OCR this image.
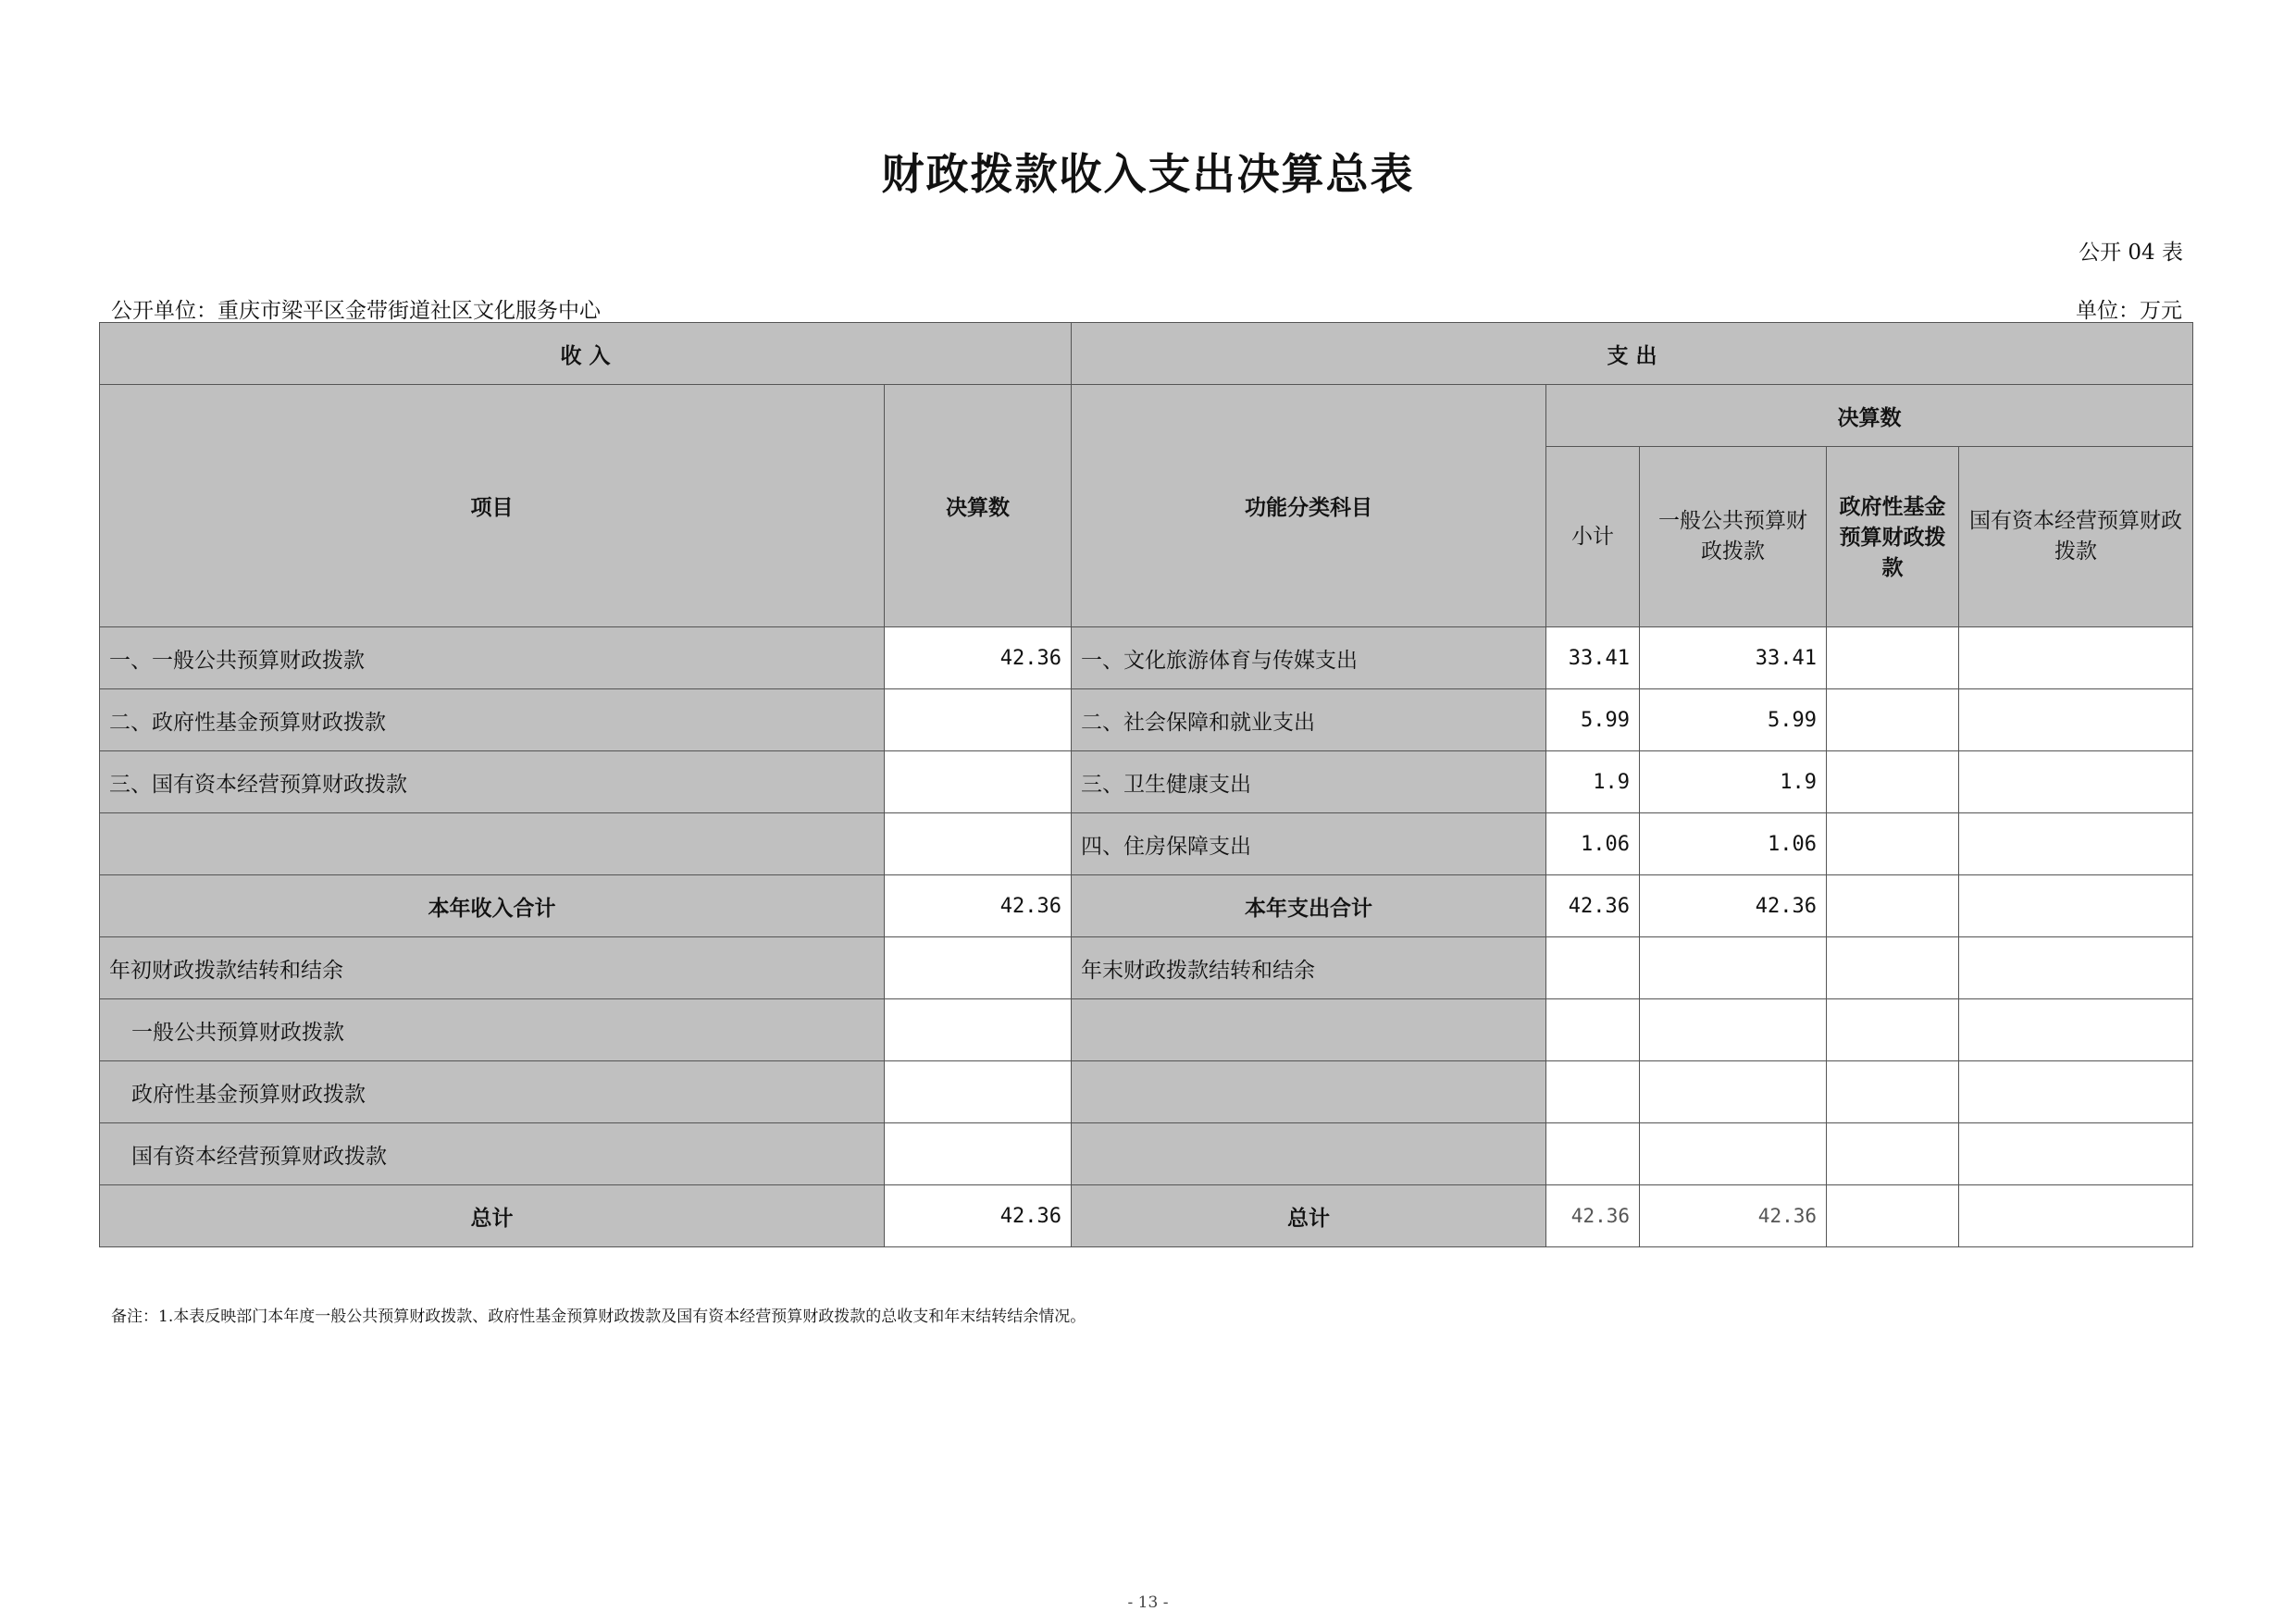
财政拨款收入支出决算总表
公开 04 表
公开单位：重庆市梁平区金带街道社区文化服务中心	单位：万元
收 入		支 出				
项目	决算数	功能分类科目	决算数			
			小计	一般公共预算财政拨款	政府性基金预算财政拨款	国有资本经营预算财政拨款
一、一般公共预算财政拨款	42.36	一、文化旅游体育与传媒支出	33.41	33.41		
二、政府性基金预算财政拨款		二、社会保障和就业支出	5.99	5.99		
三、国有资本经营预算财政拨款		三、卫生健康支出	1.9	1.9		
		四、住房保障支出	1.06	1.06		
本年收入合计	42.36	本年支出合计	42.36	42.36		
年初财政拨款结转和结余		年末财政拨款结转和结余				
一般公共预算财政拨款						
政府性基金预算财政拨款						
国有资本经营预算财政拨款						
总计	42.36	总计	42.36	42.36		
备注：1.本表反映部门本年度一般公共预算财政拨款、政府性基金预算财政拨款及国有资本经营预算财政拨款的总收支和年末结转结余情况。
- 13 -
